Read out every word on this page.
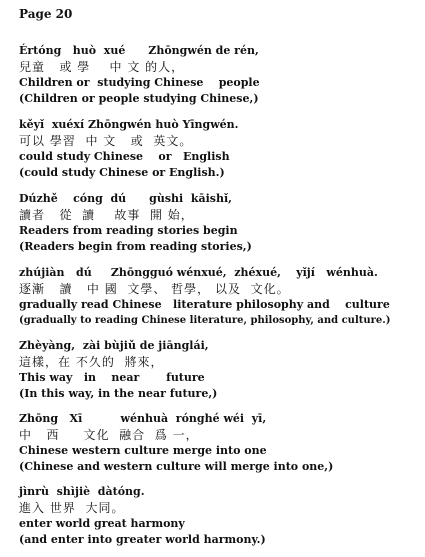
Page 20
Értóng   huò  xué      Zhōngwén de rén,
兒童   或 學    中 文 的人，
Children or  studying Chinese    people
(Children or people studying Chinese,)
kěyǐ  xuéxí Zhōngwén huò Yīngwén.
可以 學習  中 文   或  英文。
could study Chinese    or   English
(could study Chinese or English.)
Dúzhě    cóng  dú      gùshi  kāishǐ,
讀者   從  讀    故事  開 始，
Readers from reading stories begin
(Readers begin from reading stories,)
zhújiàn   dú     Zhōngguó wénxué,  zhéxué,    yǐjí   wénhuà.
逐漸   讀   中 國  文學、 哲學， 以及  文化。
gradually read Chinese   literature philosophy and    culture
(gradually to reading Chinese literature, philosophy, and culture.)
Zhèyàng,  zài bùjiǔ de jiānglái,
這樣，在 不久的  將來，
This way   in    near       future
(In this way, in the near future,)
Zhōng   Xī          wénhuà  rónghé wéi  yī,
中   西     文化  融合  爲 一，
Chinese western culture merge into one
(Chinese and western culture will merge into one,)
jìnrù  shìjiè  dàtóng.
進入 世界  大同。
enter world great harmony
(and enter into greater world harmony.)
